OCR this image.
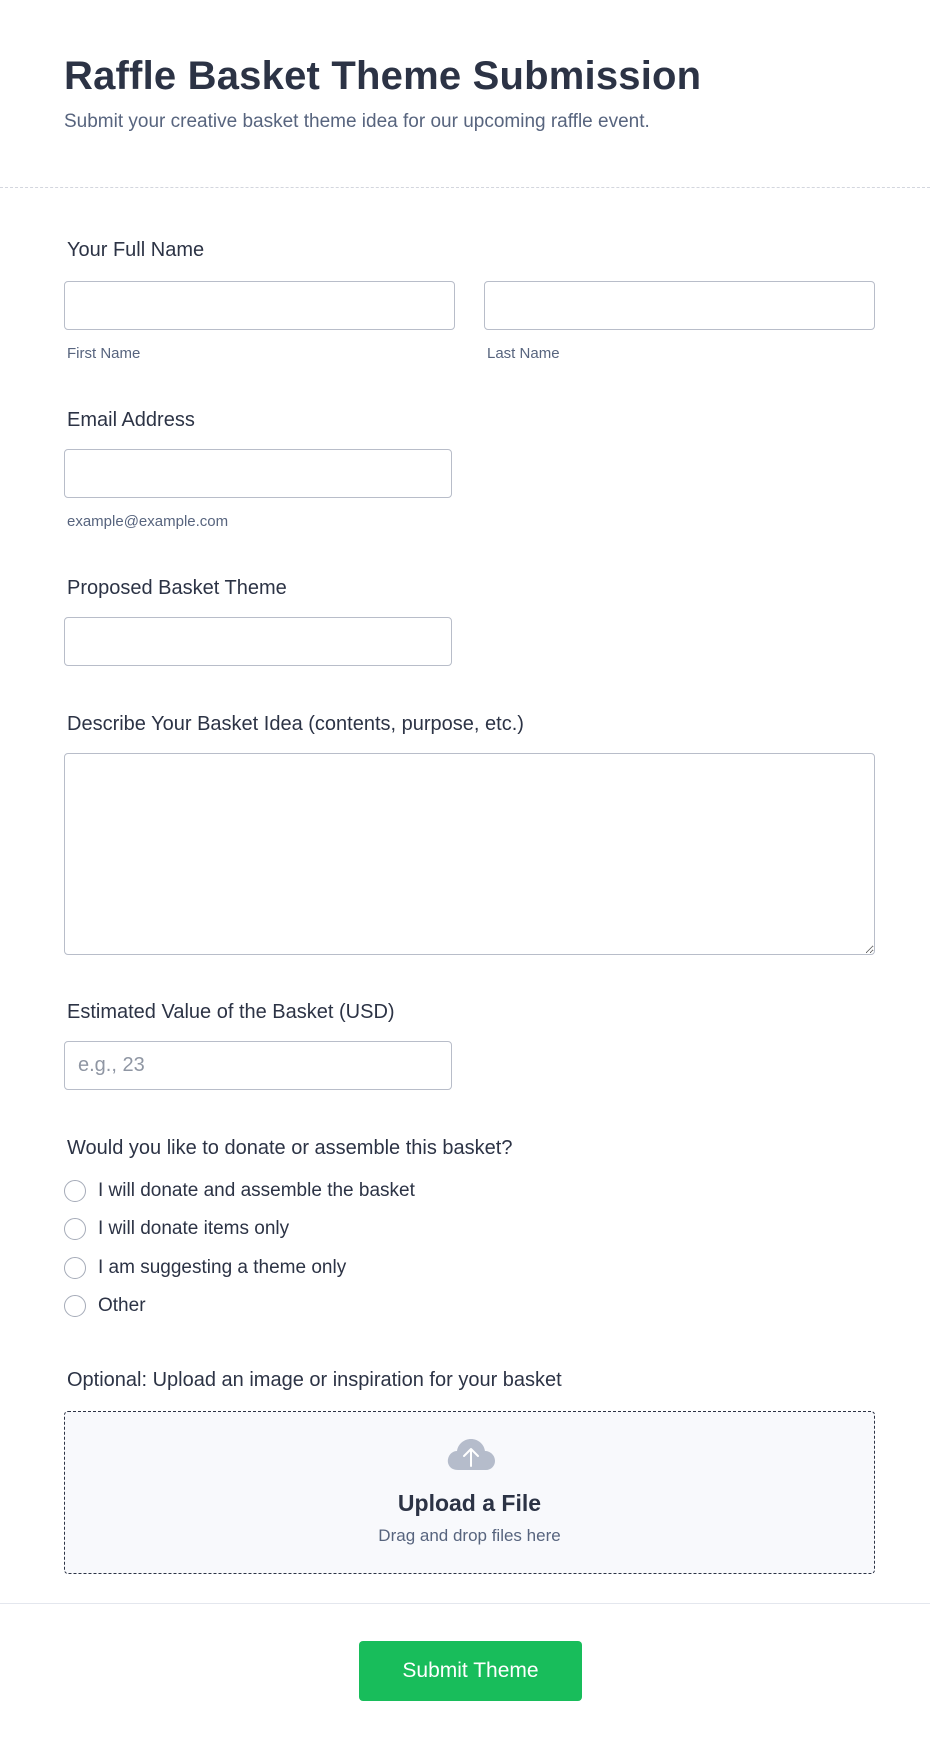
Raffle Basket Theme Submission
Submit your creative basket theme idea for our upcoming raffle event.
Your Full Name
First Name	Last Name
Email Address
example@example.com
Proposed Basket Theme
Describe Your Basket Idea (contents, purpose, etc.)
Estimated Value of the Basket (USD)
e.g., 23
Would you like to donate or assemble this basket?
I will donate and assemble the basket
I will donate items only
I am suggesting a theme only
Other
Optional: Upload an image or inspiration for your basket
Upload a File
Drag and drop files here
Submit Theme
